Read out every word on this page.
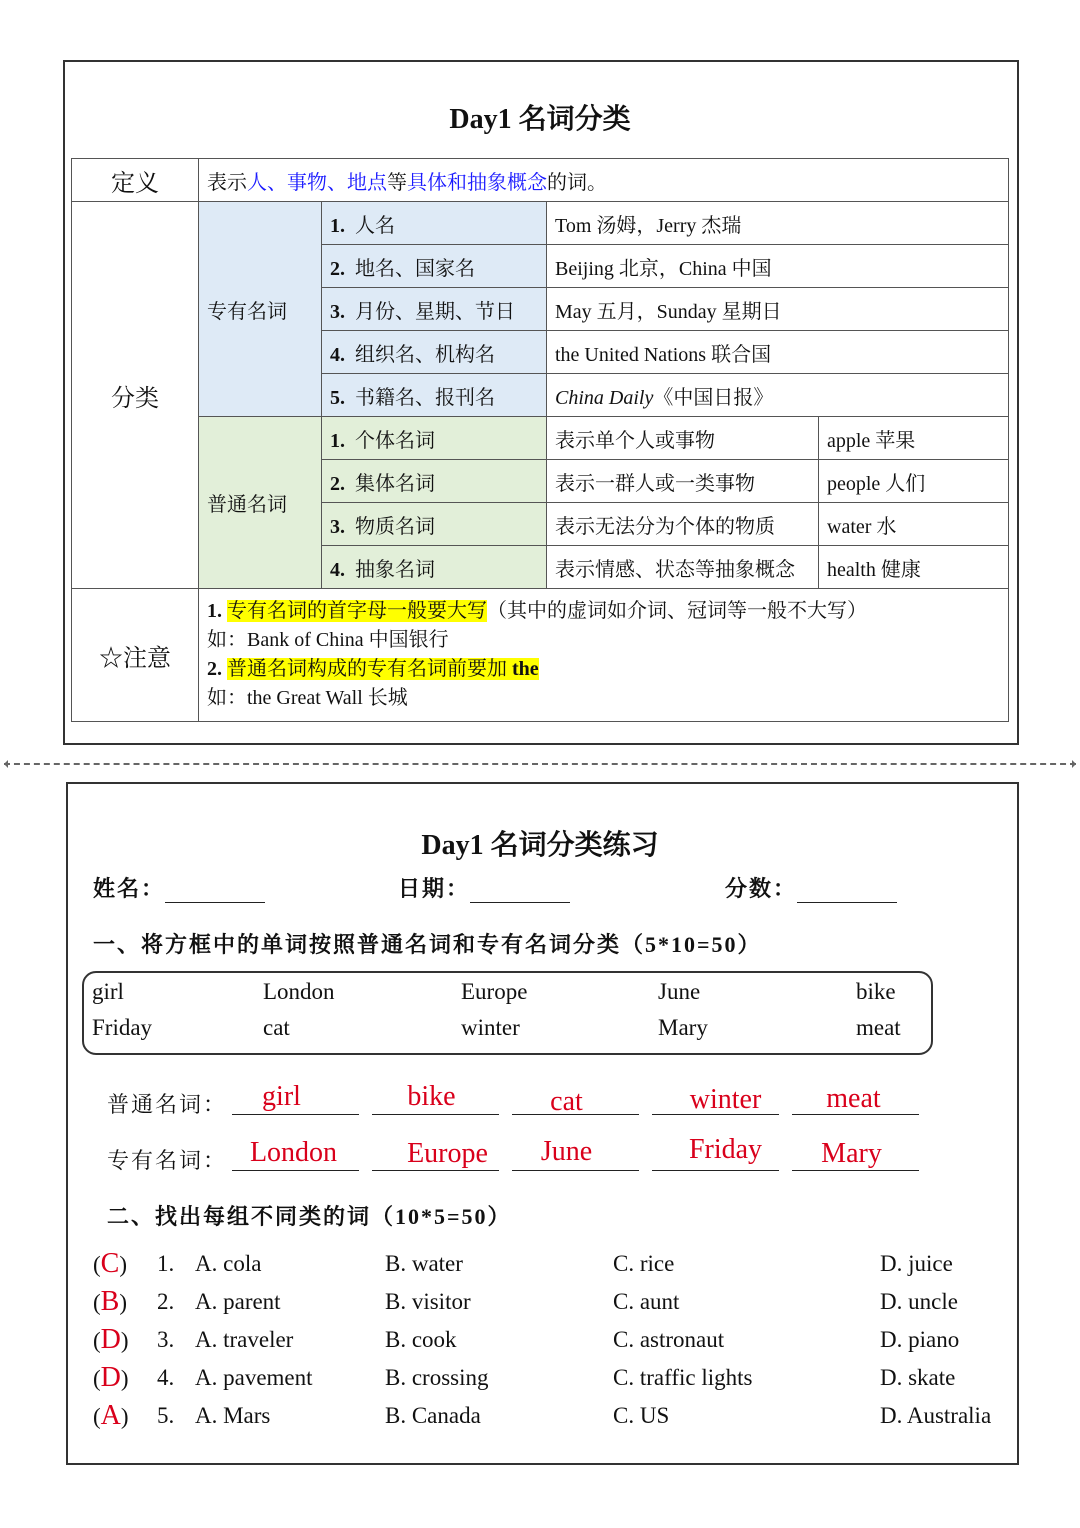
Day1 名词分类
定义	表示人、事物、地点等具体和抽象概念的词。			
分类	专有名词	1. 人名	Tom 汤姆，Jerry 杰瑞	
		2. 地名、国家名	Beijing 北京，China 中国	
		3. 月份、星期、节日	May 五月，Sunday 星期日	
		4. 组织名、机构名	the United Nations 联合国	
		5. 书籍名、报刊名	China Daily《中国日报》	
	普通名词	1. 个体名词	表示单个人或事物	apple 苹果
		2. 集体名词	表示一群人或一类事物	people 人们
		3. 物质名词	表示无法分为个体的物质	water 水
		4. 抽象名词	表示情感、状态等抽象概念	health 健康
☆注意	1. 专有名词的首字母一般要大写（其中的虚词如介词、冠词等一般不大写）
如：Bank of China 中国银行
2. 普通名词构成的专有名词前要加 the
如：the Great Wall 长城			
Day1 名词分类练习
姓名：	日期：	分数：
一、将方框中的单词按照普通名词和专有名词分类（5*10=50）
girl	London	Europe	June	bike
Friday	cat	winter	Mary	meat
普通名词：	girl	bike	cat	winter	meat
专有名词： London	Europe	June	Friday	Mary
二、找出每组不同类的词（10*5=50）
(C) 1. A. cola	B. water	C. rice	D. juice
(B) 2. A. parent	B. visitor	C. aunt	D. uncle
(D) 3. A. traveler	B. cook	C. astronaut	D. piano
(D) 4. A. pavement	B. crossing	C. traffic lights	D. skate
(A) 5. A. Mars	B. Canada	C. US	D. Australia
